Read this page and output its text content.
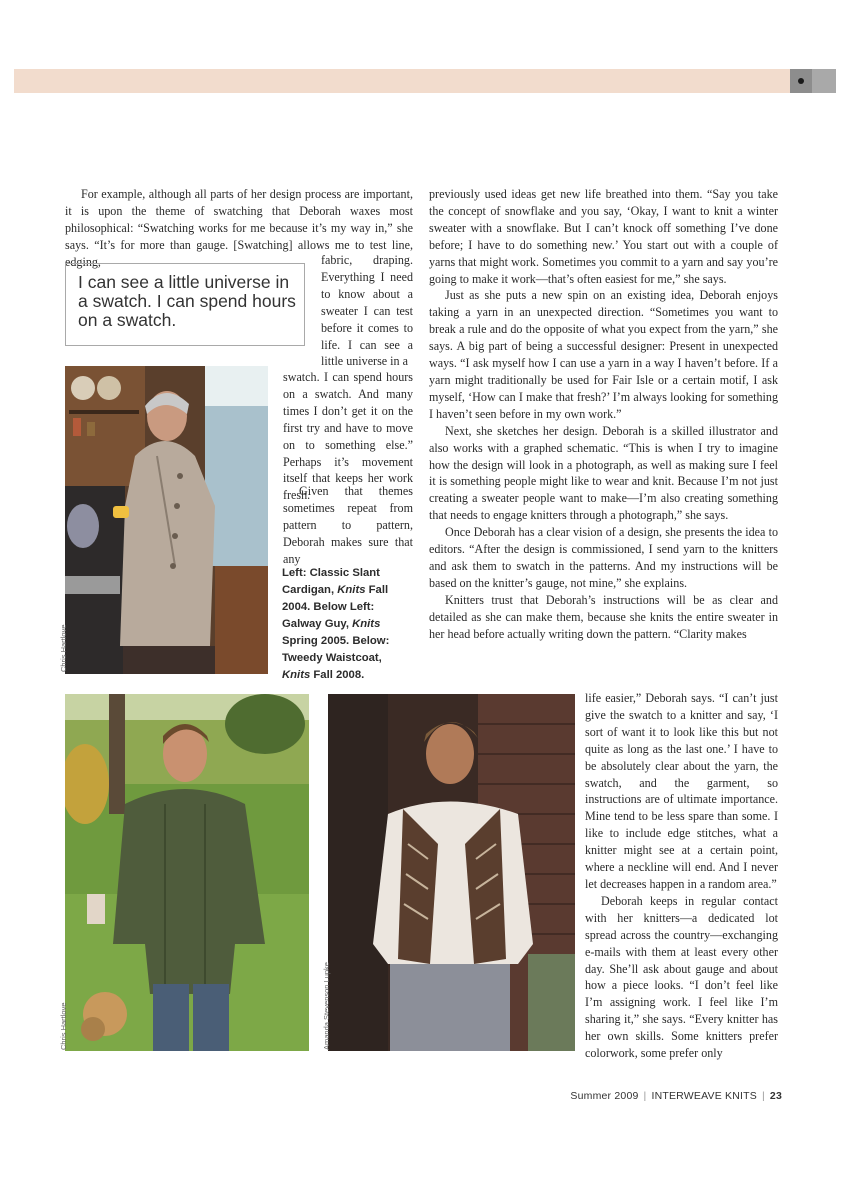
For example, although all parts of her design process are important, it is upon the theme of swatching that Deborah waxes most philosophical: “Swatching works for me because it’s my way in,” she says. “It’s for more than gauge. [Swatching] allows me to test line, edging,	fabric, draping. Everything I need to know about a sweater I can test before it comes to life. I can see a little universe in a

swatch. I can spend hours on a swatch. And many times I don’t get it on the first try and have to move on to something else.” Perhaps it’s movement itself that keeps her work fresh.

Given that themes sometimes repeat from pattern to pattern, Deborah makes sure that any

I can see a little universe in a swatch. I can spend hours on a swatch.
Chris Hartlove
Left: Classic Slant Cardigan, Knits Fall 2004. Below Left: Galway Guy, Knits Spring 2005. Below: Tweedy Waistcoat, Knits Fall 2008.

previously used ideas get new life breathed into them. “Say you take the concept of snowflake and you say, ‘Okay, I want to knit a winter sweater with a snowflake. But I can’t knock off something I’ve done before; I have to do something new.’ You start out with a couple of yarns that might work. Sometimes you commit to a yarn and say you’re going to make it work—that’s often easiest for me,” she says.

Just as she puts a new spin on an existing idea, Deborah enjoys taking a yarn in an unexpected direction. “Sometimes you want to break a rule and do the opposite of what you expect from the yarn,” she says. A big part of being a successful designer: Present in unexpected ways. “I ask myself how I can use a yarn in a way I haven’t before. If a yarn might traditionally be used for Fair Isle or a certain motif, I ask myself, ‘How can I make that fresh?’ I’m always looking for something I haven’t seen before in my own work.”

Next, she sketches her design. Deborah is a skilled illustrator and also works with a graphed schematic. “This is when I try to imagine how the design will look in a photograph, as well as making sure I feel it is something people might like to wear and knit. Because I’m not just creating a sweater people want to make—I’m also creating something that needs to engage knitters through a photograph,” she says.

Once Deborah has a clear vision of a design, she presents the idea to editors. “After the design is commissioned, I send yarn to the knitters and ask them to swatch in the patterns. And my instructions will be based on the knitter’s gauge, not mine,” she explains.

Knitters trust that Deborah’s instructions will be as clear and detailed as she can make them, because she knits the entire sweater in her head before actually writing down the pattern. “Clarity makes

life easier,” Deborah says. “I can’t just give the swatch to a knitter and say, ‘I sort of want it to look like this but not quite as long as the last one.’ I have to be absolutely clear about the yarn, the swatch, and the garment, so instructions are of ultimate importance. Mine tend to be less spare than some. I like to include edge stitches, what a knitter might see at a certain point, where a neckline will end. And I never let decreases happen in a random area.”

Deborah keeps in regular contact with her knitters—a dedicated lot spread across the country—exchanging e-mails with them at least every other day. She’ll ask about gauge and about how a piece looks. “I don’t feel like I’m assigning work. I feel like I’m sharing it,” she says. “Every knitter has her own skills. Some knitters prefer colorwork, some prefer only

Chris Hartlove	Amanda Stevenson Lupke
Summer 2009 | INTERWEAVE KNITS | 23
